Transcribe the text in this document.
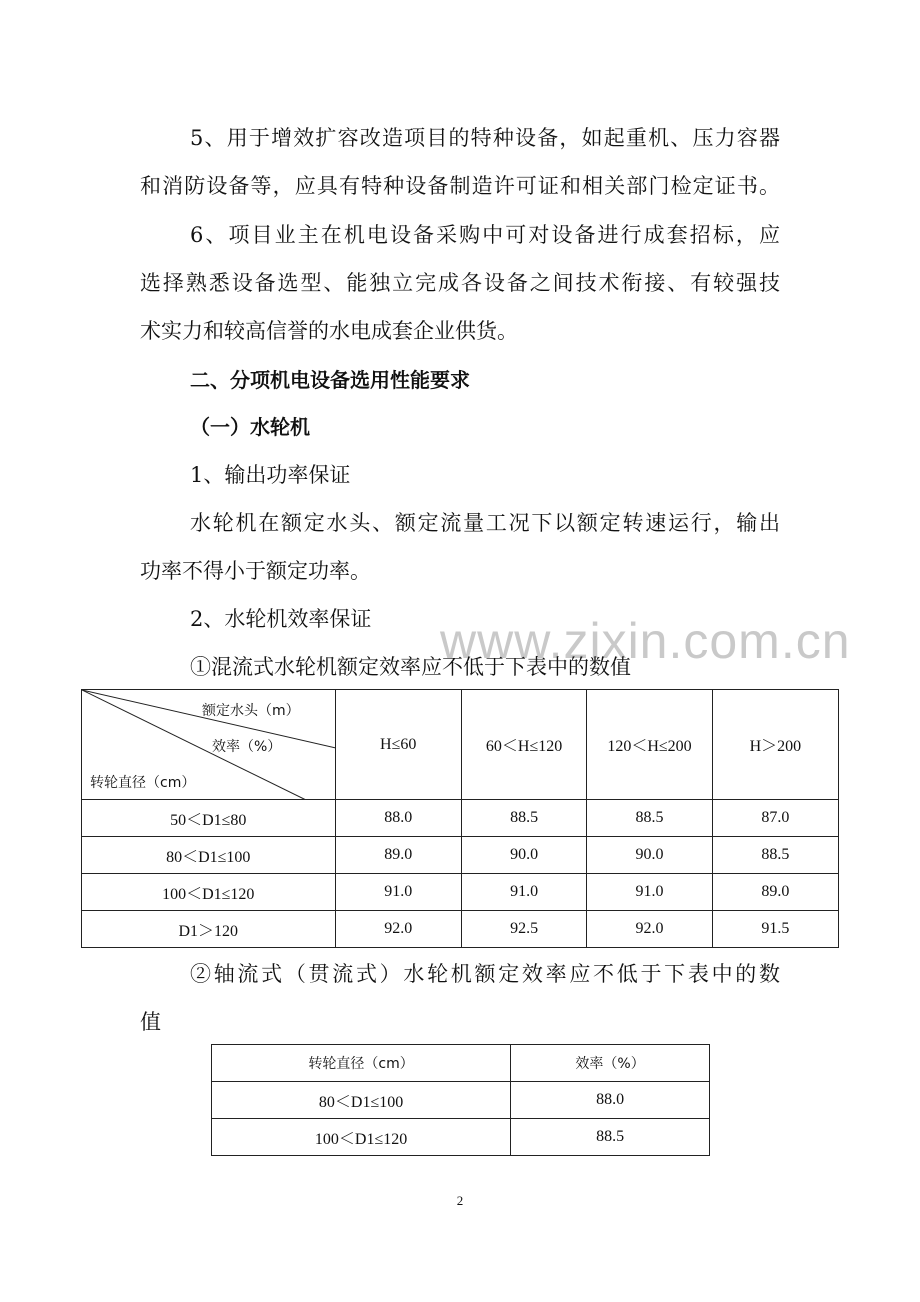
5、用于增效扩容改造项目的特种设备，如起重机、压力容器
和消防设备等，应具有特种设备制造许可证和相关部门检定证书。
6、项目业主在机电设备采购中可对设备进行成套招标，应
选择熟悉设备选型、能独立完成各设备之间技术衔接、有较强技
术实力和较高信誉的水电成套企业供货。
二、分项机电设备选用性能要求
（一）水轮机
1、输出功率保证
水轮机在额定水头、额定流量工况下以额定转速运行，输出
功率不得小于额定功率。
2、水轮机效率保证 www.zixin.com.cn
①混流式水轮机额定效率应不低于下表中的数值
额定水头（m）
效率（%）
转轮直径（cm）	H≤60	60＜H≤120	120＜H≤200	H＞200
50＜D1≤80	88.0	88.5	88.5	87.0
80＜D1≤100	89.0	90.0	90.0	88.5
100＜D1≤120	91.0	91.0	91.0	89.0
D1＞120	92.0	92.5	92.0	91.5
②轴流式（贯流式）水轮机额定效率应不低于下表中的数
值
转轮直径（cm）	效率（%）
80＜D1≤100	88.0
100＜D1≤120	88.5
2
